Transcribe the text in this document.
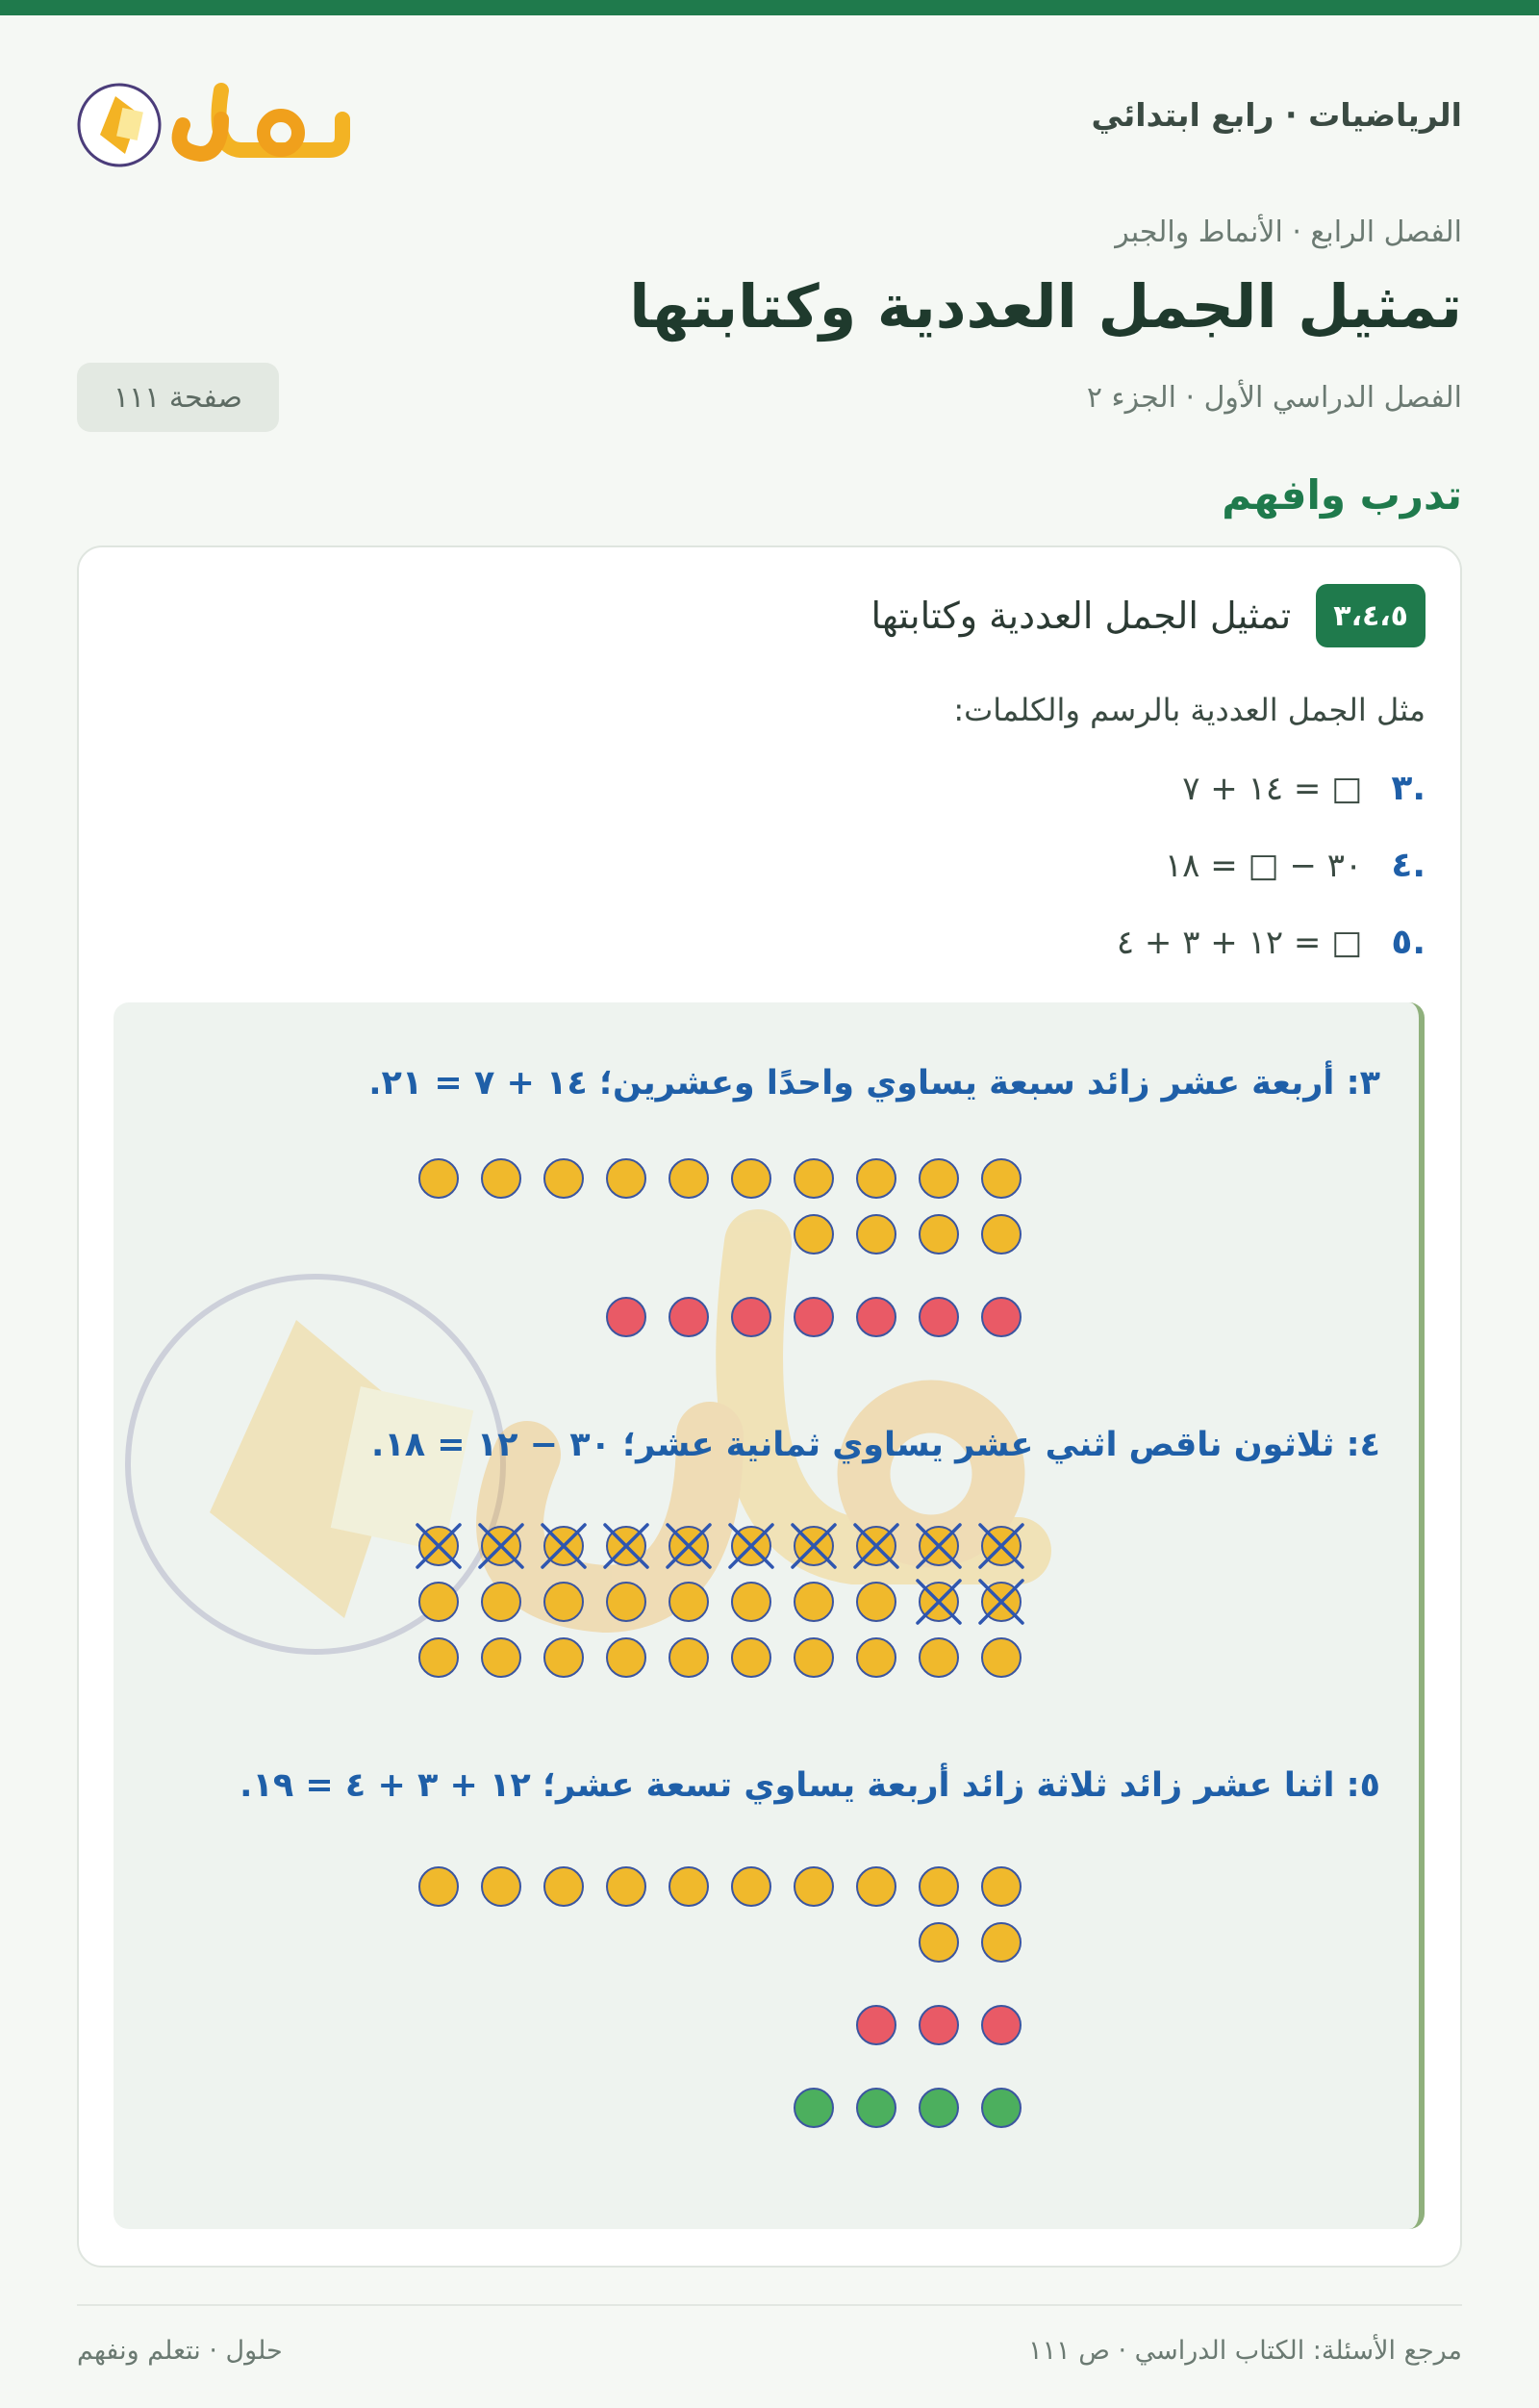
الرياضيات · رابع ابتدائي
الفصل الرابع · الأنماط والجبر
تمثيل الجمل العددية وكتابتها
الفصل الدراسي الأول · الجزء ٢
صفحة ١١١
تدرب وافهم
٣،٤،٥
تمثيل الجمل العددية وكتابتها
مثل الجمل العددية بالرسم والكلمات:
.٣
١٤ + ٧ = □
.٤
٣٠ − □ = ١٨
.٥
١٢ + ٣ + ٤ = □
٣: أربعة عشر زائد سبعة يساوي واحدًا وعشرين؛ ١٤ + ٧ = ٢١.
٤: ثلاثون ناقص اثني عشر يساوي ثمانية عشر؛ ٣٠ − ١٢ = ١٨.
٥: اثنا عشر زائد ثلاثة زائد أربعة يساوي تسعة عشر؛ ١٢ + ٣ + ٤ = ١٩.
مرجع الأسئلة: الكتاب الدراسي · ص ١١١
حلول · نتعلم ونفهم
